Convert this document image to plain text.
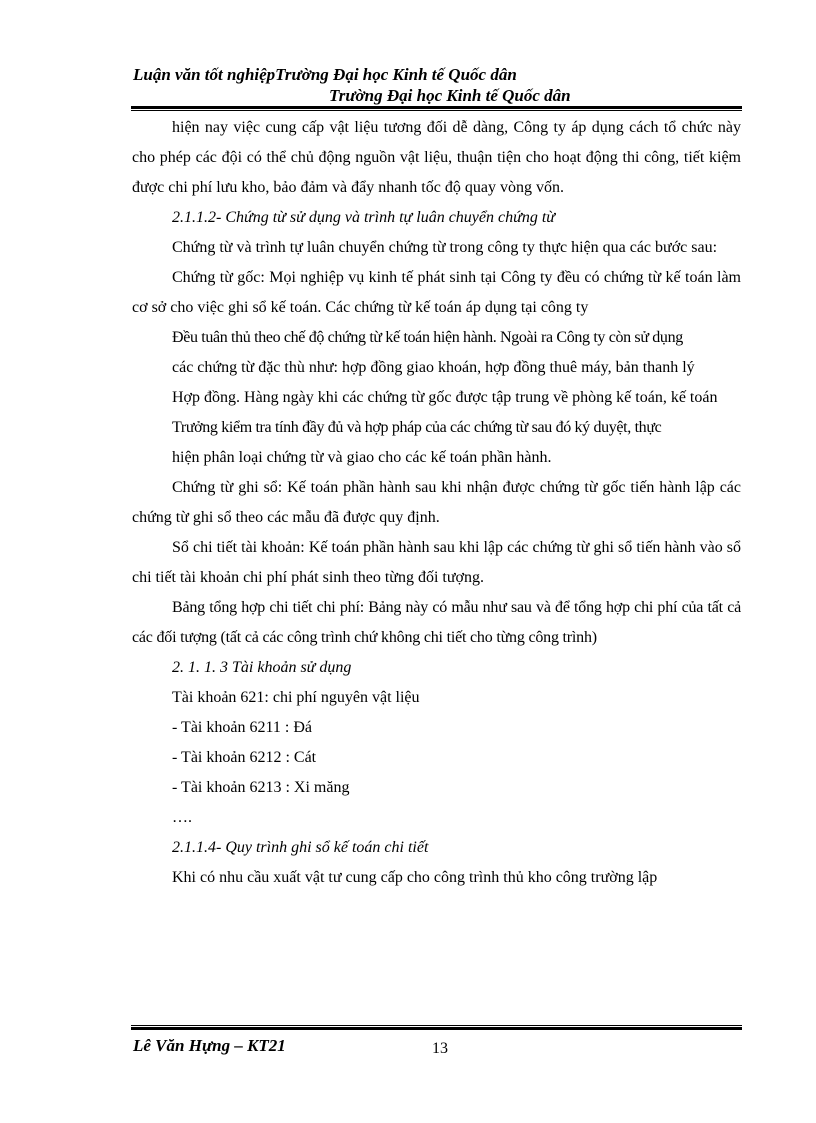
Luận văn tốt nghiệpTrường Đại học Kinh tế Quốc dân
Trường Đại học Kinh tế Quốc dân

hiện nay việc cung cấp vật liệu tương đối dễ dàng, Công ty áp dụng cách tổ chức này cho phép các đội có thể chủ động nguồn vật liệu, thuận tiện cho hoạt động thi công, tiết kiệm được chi phí lưu kho, bảo đảm và đẩy nhanh tốc độ quay vòng vốn.

2.1.1.2- Chứng từ sử dụng và trình tự luân chuyển chứng từ

Chứng từ và trình tự luân chuyển chứng từ trong công ty thực hiện qua các bước sau:

Chứng từ gốc: Mọi nghiệp vụ kinh tế phát sinh tại Công ty đều có chứng từ kế toán làm cơ sở cho việc ghi sổ kế toán. Các chứng từ kế toán áp dụng tại công ty

Đều tuân thủ theo chế độ chứng từ kế toán hiện hành. Ngoài ra Công ty còn sử dụng

các chứng từ đặc thù như: hợp đồng giao khoán, hợp đồng thuê máy, bản thanh lý

Hợp đồng. Hàng ngày khi các chứng từ gốc được tập trung về phòng kế toán, kế toán

Trưởng kiểm tra tính đầy đủ và hợp pháp của các chứng từ sau đó ký duyệt, thực

hiện phân loại chứng từ và giao cho các kế toán phần hành.

Chứng từ ghi sổ: Kế toán phần hành sau khi nhận được chứng từ gốc tiến hành lập các chứng từ ghi sổ theo các mẫu đã được quy định.

Sổ chi tiết tài khoản: Kế toán phần hành sau khi lập các chứng từ ghi sổ tiến hành vào sổ chi tiết tài khoản chi phí phát sinh theo từng đối tượng.

Bảng tổng hợp chi tiết chi phí: Bảng này có mẫu như sau và để tổng hợp chi phí của tất cả các đối tượng (tất cả các công trình chứ không chi tiết cho từng công trình)

2. 1. 1. 3 Tài khoản sử dụng

Tài khoản 621: chi phí nguyên vật liệu

- Tài khoản 6211 : Đá

- Tài khoản 6212 : Cát

- Tài khoản 6213 : Xi măng

….

2.1.1.4- Quy trình ghi sổ kế toán chi tiết

Khi có nhu cầu xuất vật tư cung cấp cho công trình thủ kho công trường lập

Lê Văn Hựng – KT21	13
